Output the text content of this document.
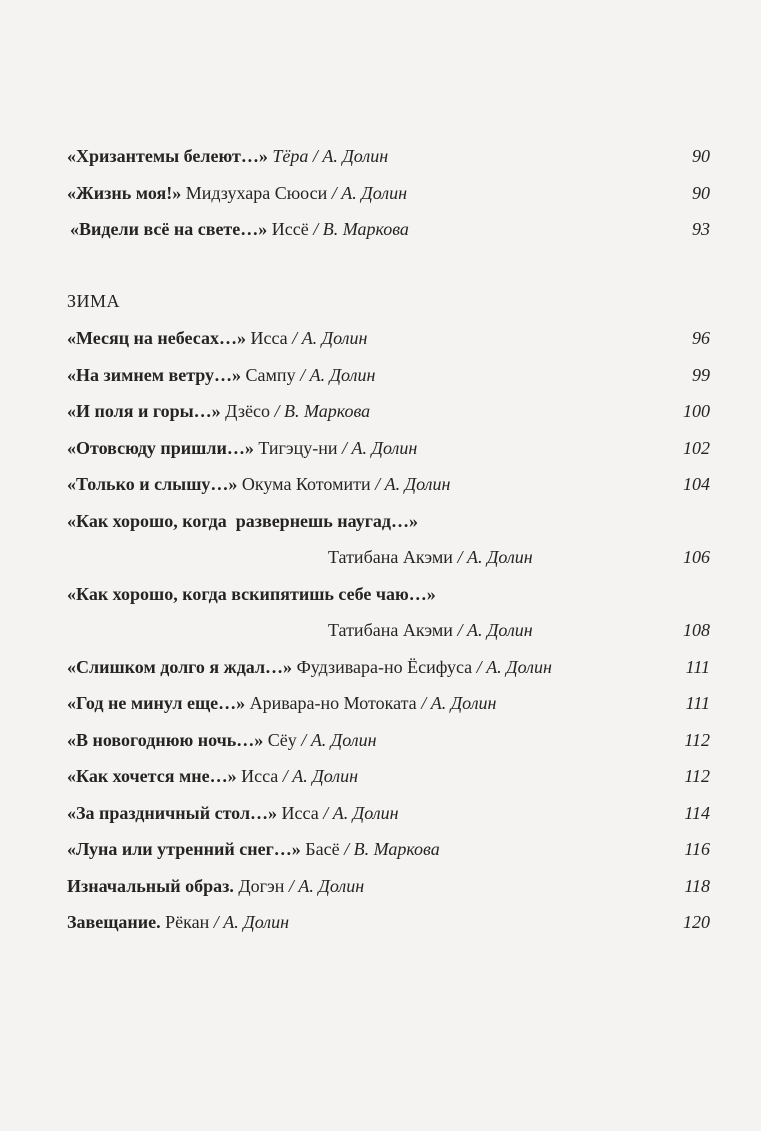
«Хризантемы белеют…» Тёра / А. Долин	90
«Жизнь моя!» Мидзухара Сюоси / А. Долин	90
«Видели всё на свете…» Иссё / В. Маркова	93
ЗИМА
«Месяц на небесах…» Исса / А. Долин	96
«На зимнем ветру…» Сампу / А. Долин	99
«И поля и горы…» Дзёсо / В. Маркова	100
«Отовсюду пришли…» Тигэцу-ни / А. Долин	102
«Только и слышу…» Окума Котомити / А. Долин	104
«Как хорошо, когда  развернешь наугад…»
Татибана Акэми / А. Долин	106
«Как хорошо, когда вскипятишь себе чаю…»
Татибана Акэми / А. Долин	108
«Слишком долго я ждал…» Фудзивара-но Ёсифуса / А. Долин	111
«Год не минул еще…» Аривара-но Мотоката / А. Долин	111
«В новогоднюю ночь…» Сёу / А. Долин	112
«Как хочется мне…» Исса / А. Долин	112
«За праздничный стол…» Исса / А. Долин	114
«Луна или утренний снег…» Басё / В. Маркова	116
Изначальный образ. Догэн / А. Долин	118
Завещание. Рёкан / А. Долин	120
